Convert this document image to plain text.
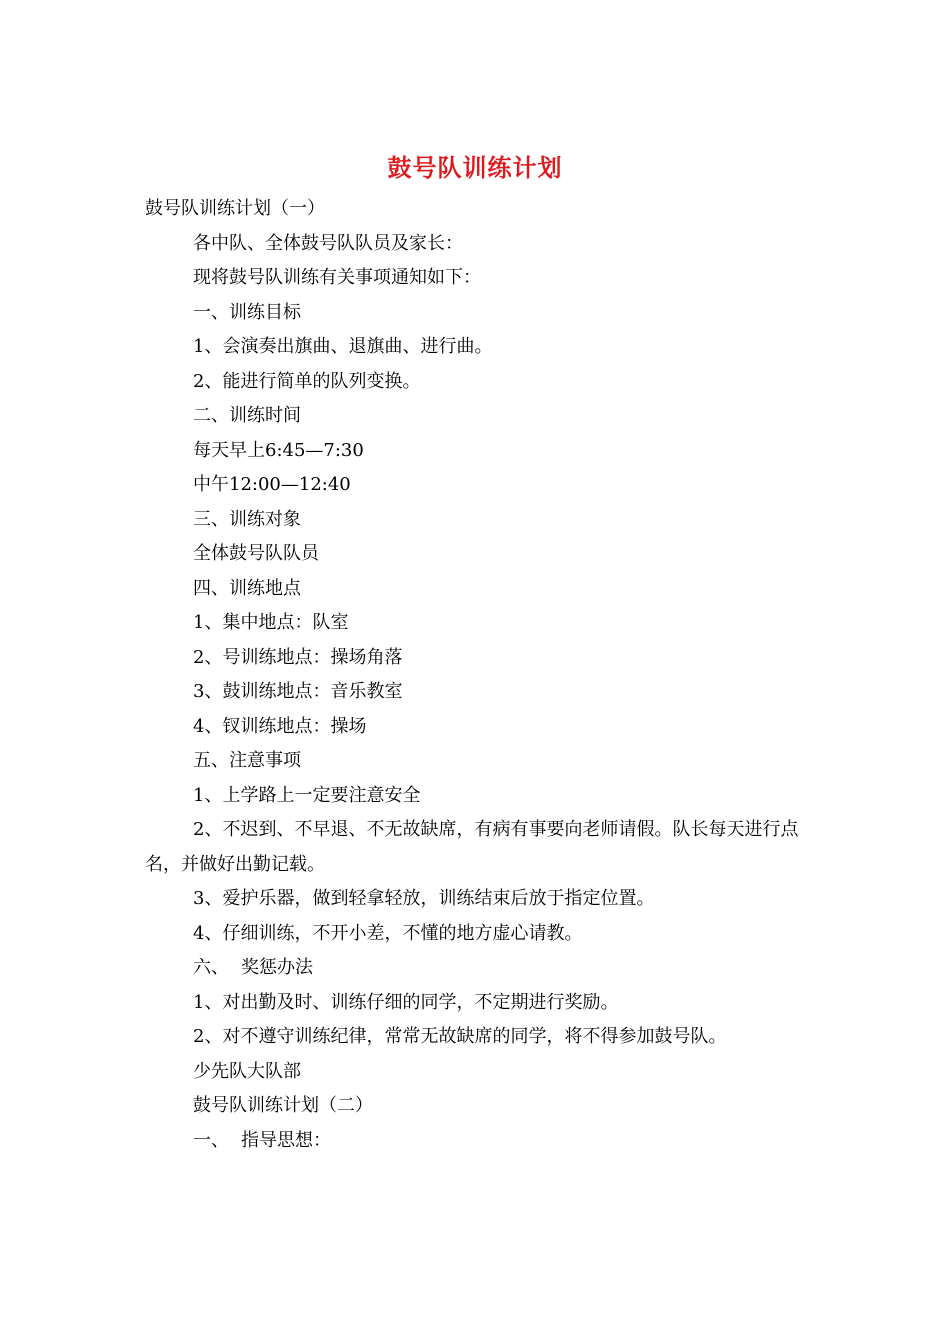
鼓号队训练计划

鼓号队训练计划（一）

各中队、全体鼓号队队员及家长：

现将鼓号队训练有关事项通知如下：

一、训练目标

1、会演奏出旗曲、退旗曲、进行曲。

2、能进行简单的队列变换。

二、训练时间

每天早上6:45—7:30

中午12:00—12:40

三、训练对象

全体鼓号队队员

四、训练地点

1、集中地点：队室

2、号训练地点：操场角落

3、鼓训练地点：音乐教室

4、钗训练地点：操场

五、注意事项

1、上学路上一定要注意安全

2、不迟到、不早退、不无故缺席，有病有事要向老师请假。队长每天进行点名，并做好出勤记载。

3、爱护乐器，做到轻拿轻放，训练结束后放于指定位置。

4、仔细训练，不开小差，不懂的地方虚心请教。

六、 奖惩办法

1、对出勤及时、训练仔细的同学，不定期进行奖励。

2、对不遵守训练纪律，常常无故缺席的同学，将不得参加鼓号队。

少先队大队部

鼓号队训练计划（二）

一、 指导思想：
